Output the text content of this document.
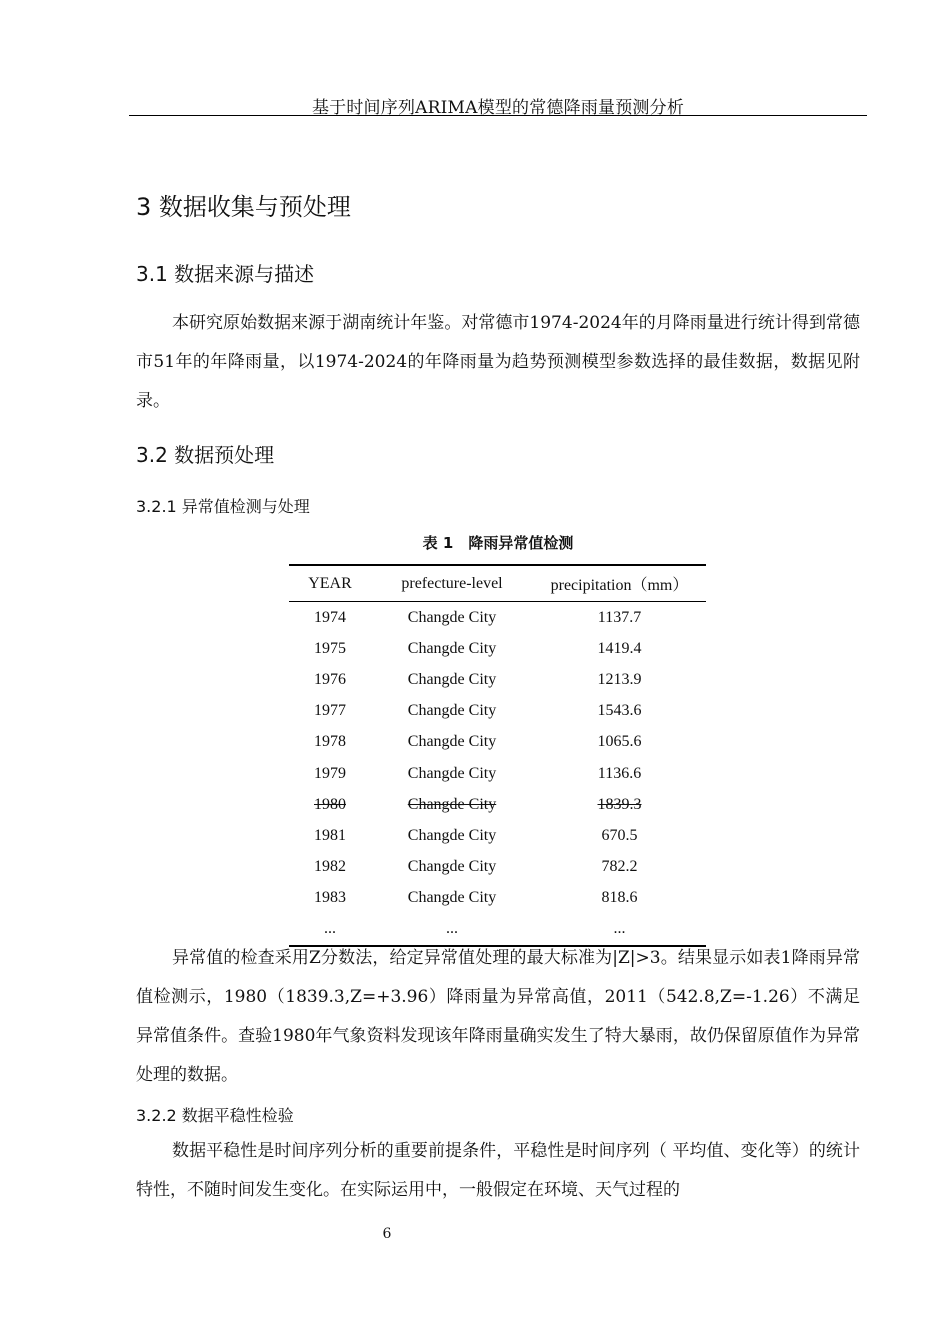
基于时间序列ARIMA模型的常德降雨量预测分析
3 数据收集与预处理
3.1 数据来源与描述
本研究原始数据来源于湖南统计年鉴。对常德市1974-2024年的月降雨量进行统计得到常德市51年的年降雨量，以1974-2024的年降雨量为趋势预测模型参数选择的最佳数据，数据见附录。
3.2 数据预处理
3.2.1 异常值检测与处理
表 1　降雨异常值检测
YEAR	prefecture-level	precipitation（mm）
1974	Changde City	1137.7
1975	Changde City	1419.4
1976	Changde City	1213.9
1977	Changde City	1543.6
1978	Changde City	1065.6
1979	Changde City	1136.6
1980	Changde City	1839.3
1981	Changde City	670.5
1982	Changde City	782.2
1983	Changde City	818.6
...	...	...
异常值的检查采用Z分数法，给定异常值处理的最大标准为|Z|>3。结果显示如表1降雨异常值检测示，1980（1839.3,Z=+3.96）降雨量为异常高值，2011（542.8,Z=-1.26）不满足异常值条件。查验1980年气象资料发现该年降雨量确实发生了特大暴雨，故仍保留原值作为异常处理的数据。
3.2.2 数据平稳性检验
数据平稳性是时间序列分析的重要前提条件，平稳性是时间序列（ 平均值、变化等）的统计特性，不随时间发生变化。在实际运用中，一般假定在环境、天气过程的
6
